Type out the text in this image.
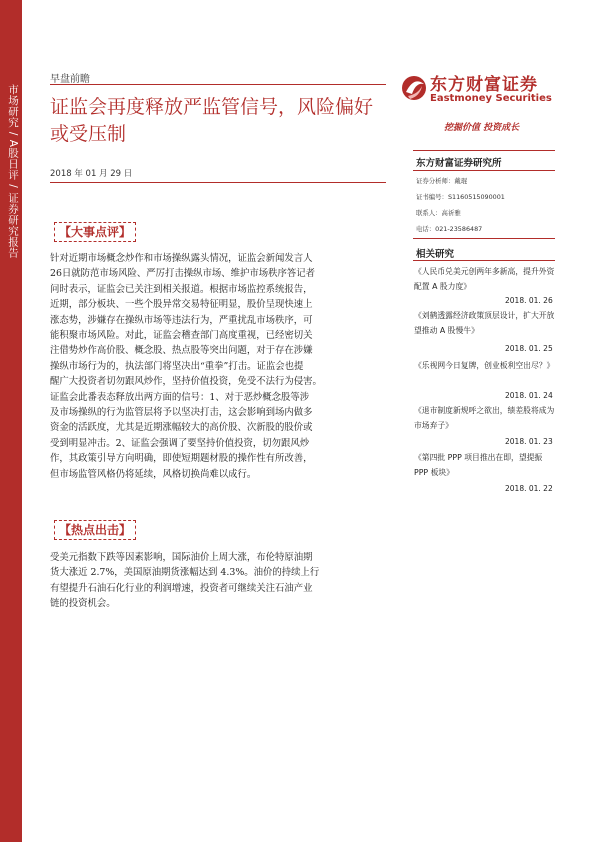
市场研究 / A股日评 / 证券研究报告
早盘前瞻
证监会再度释放严监管信号，风险偏好
或受压制
2018 年 01 月 29 日
【大事点评】
针对近期市场概念炒作和市场操纵露头情况，证监会新闻发言人
26日就防范市场风险、严厉打击操纵市场、维护市场秩序答记者
问时表示，证监会已关注到相关报道。根据市场监控系统报告，
近期，部分板块、一些个股异常交易特征明显，股价呈现快速上
涨态势，涉嫌存在操纵市场等违法行为，严重扰乱市场秩序，可
能积聚市场风险。对此，证监会稽查部门高度重视，已经密切关
注借势炒作高价股、概念股、热点股等突出问题，对于存在涉嫌
操纵市场行为的，执法部门将坚决出“重拳”打击。证监会也提
醒广大投资者切勿跟风炒作，坚持价值投资，免受不法行为侵害。
证监会此番表态释放出两方面的信号：1、对于恶炒概念股等涉
及市场操纵的行为监管层将予以坚决打击，这会影响到场内做多
资金的活跃度，尤其是近期涨幅较大的高价股、次新股的股价或
受到明显冲击。2、证监会强调了要坚持价值投资，切勿跟风炒
作，其政策引导方向明确，即使短期题材股的操作性有所改善，
但市场监管风格仍将延续，风格切换尚难以成行。
【热点出击】
受美元指数下跌等因素影响，国际油价上周大涨，布伦特原油期
货大涨近 2.7%，美国原油期货涨幅达到 4.3%。油价的持续上行
有望提升石油石化行业的利润增速，投资者可继续关注石油产业
链的投资机会。
东方财富证券
Eastmoney Securities
挖掘价值 投资成长
东方财富证券研究所
证券分析师：戴琨
证书编号：S1160515090001
联系人：高祈雅
电话：021-23586487
相关研究
《人民币兑美元创两年多新高，提升外资配置 A 股力度》
2018. 01. 26
《刘鹤透露经济政策顶层设计，扩大开放望推动 A 股慢牛》
2018. 01. 25
《乐视网今日复牌，创业板利空出尽？》
2018. 01. 24
《退市制度新规呼之欲出，绩差股将成为市场弃子》
2018. 01. 23
《第四批 PPP 项目推出在即，望提振 PPP 板块》
2018. 01. 22
